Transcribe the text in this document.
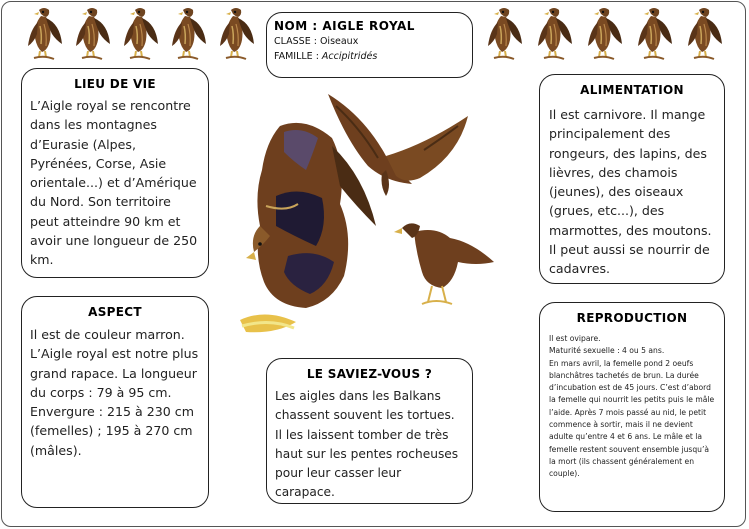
NOM : AIGLE ROYAL
CLASSE : Oiseaux
FAMILLE : Accipitridés
LIEU DE VIE
L’Aigle royal se rencontre dans les montagnes d’Eurasie (Alpes, Pyrénées, Corse, Asie orientale...) et d’Amérique du Nord. Son territoire peut atteindre 90 km et avoir une longueur de 250 km.
ASPECT
Il est de couleur marron. L’Aigle royal est notre plus grand rapace. La longueur du corps : 79 à 95 cm. Envergure : 215 à 230 cm (femelles) ; 195 à 270 cm (mâles).
ALIMENTATION
Il est carnivore. Il mange principalement des rongeurs, des lapins, des lièvres, des chamois (jeunes), des oiseaux (grues, etc...), des marmottes, des moutons. Il peut aussi se nourrir de cadavres.
REPRODUCTION
Il est ovipare.
Maturité sexuelle : 4 ou 5 ans.
En mars avril, la femelle pond 2 oeufs blanchâtres tachetés de brun. La durée d’incubation est de 45 jours. C’est d’abord la femelle qui nourrit les petits puis le mâle l’aide. Après 7 mois passé au nid, le petit commence à sortir, mais il ne devient adulte qu’entre 4 et 6 ans. Le mâle et la femelle restent souvent ensemble jusqu’à la mort (ils chassent généralement en couple).
LE SAVIEZ-VOUS ?
Les aigles dans les Balkans chassent souvent les tortues. Il les laissent tomber de très haut sur les pentes rocheuses pour leur casser leur carapace.
